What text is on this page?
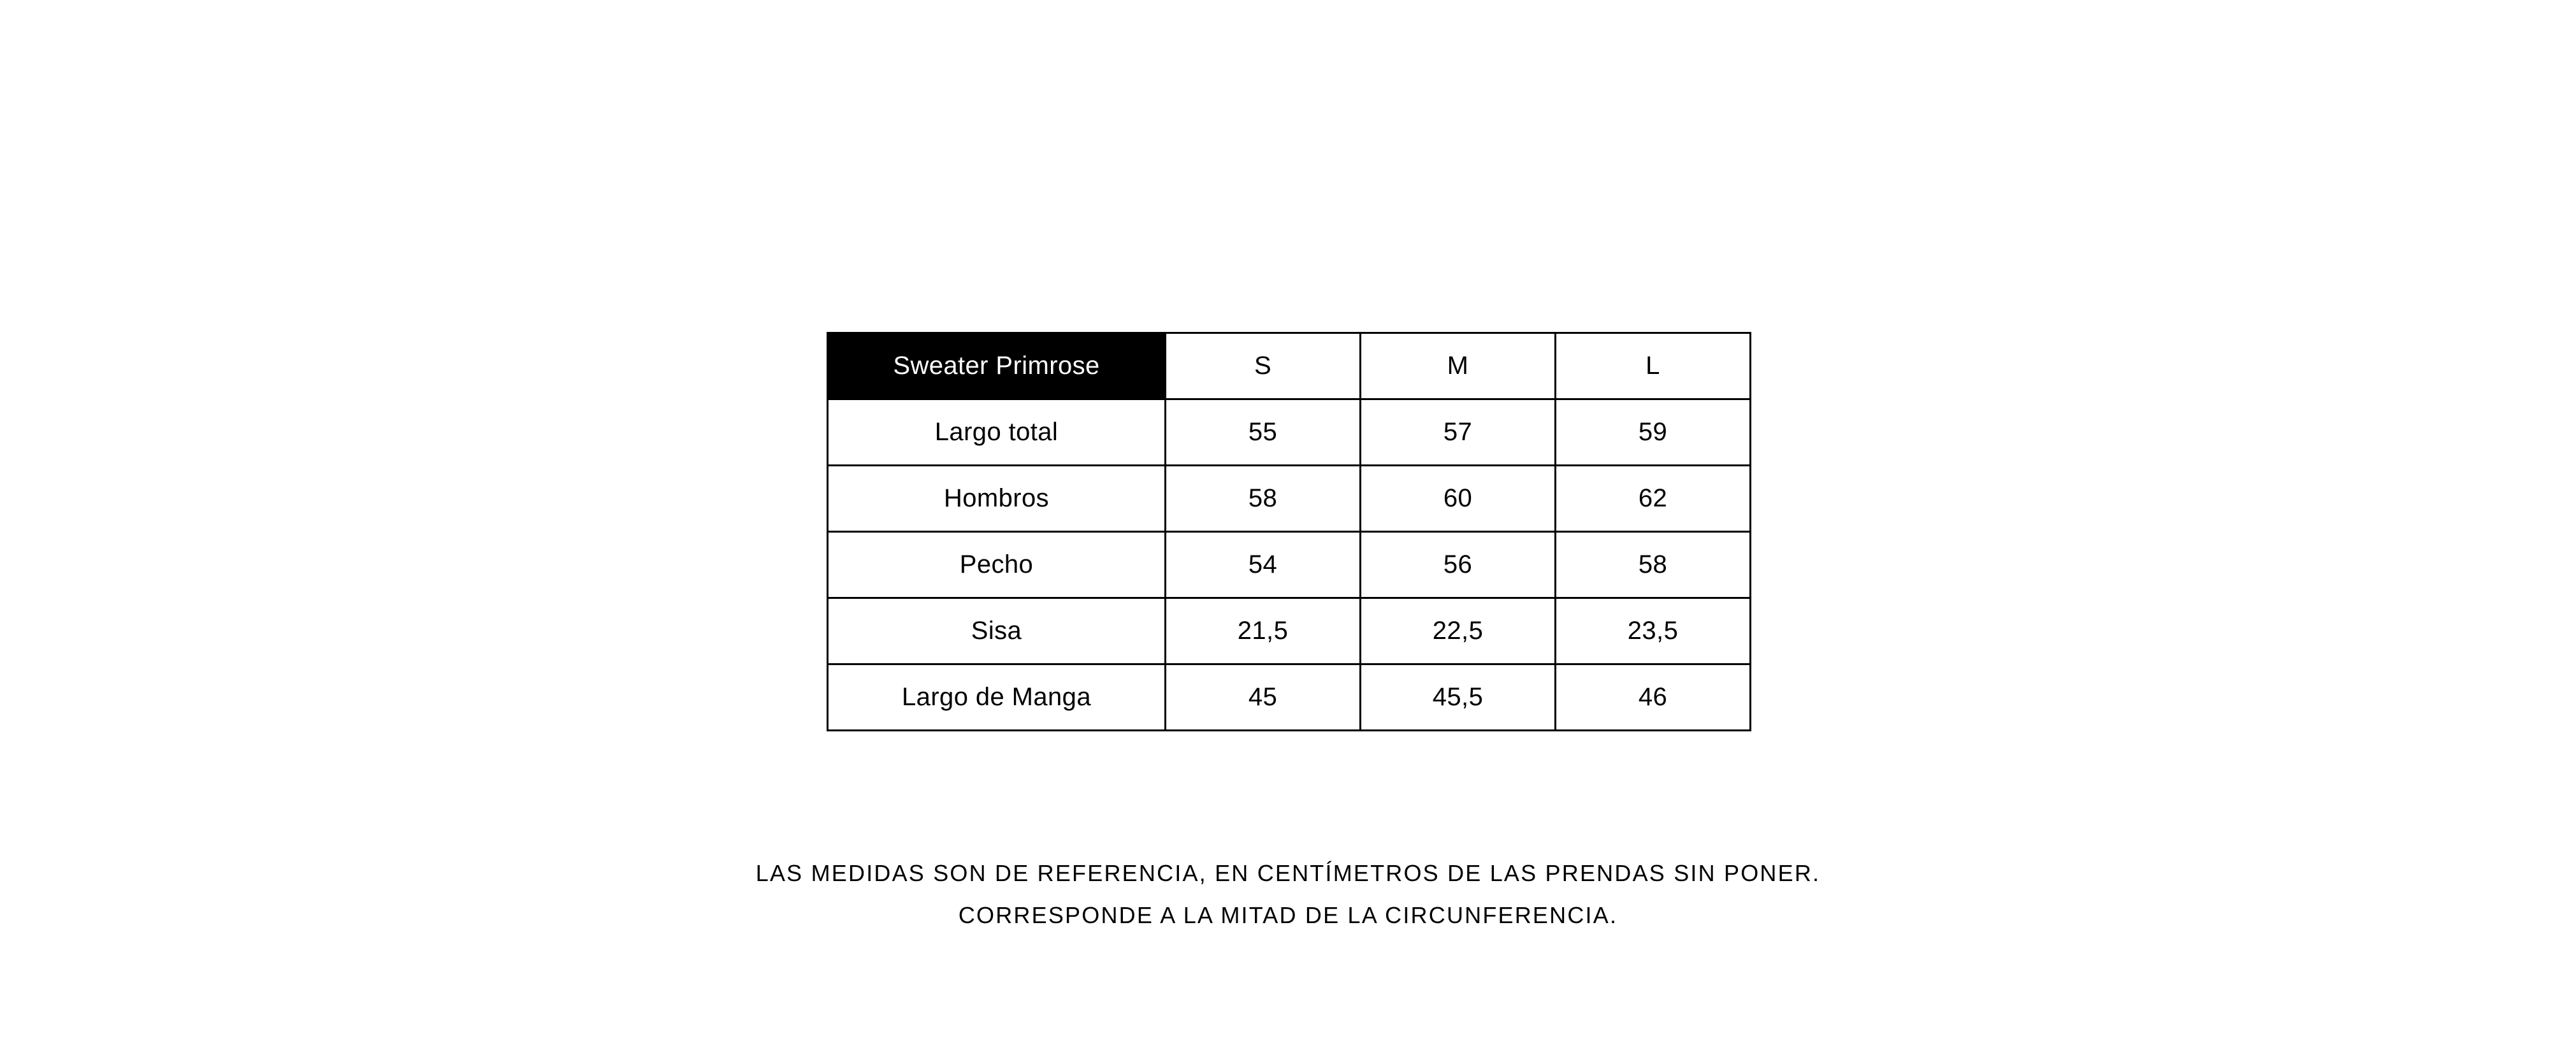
Sweater Primrose	S	M	L
Largo total	55	57	59
Hombros	58	60	62
Pecho	54	56	58
Sisa	21,5	22,5	23,5
Largo de Manga	45	45,5	46
LAS MEDIDAS SON DE REFERENCIA, EN CENTÍMETROS DE LAS PRENDAS SIN PONER.
CORRESPONDE A LA MITAD DE LA CIRCUNFERENCIA.
